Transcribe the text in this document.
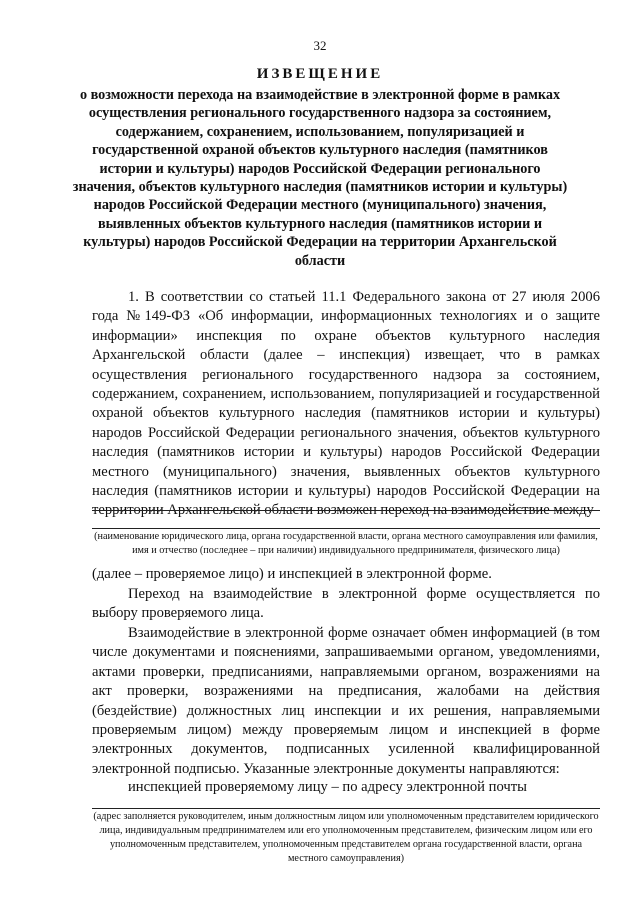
32
ИЗВЕЩЕНИЕ

о возможности перехода на взаимодействие в электронной форме в рамках осуществления регионального государственного надзора за состоянием, содержанием, сохранением, использованием, популяризацией и государственной охраной объектов культурного наследия (памятников истории и культуры) народов Российской Федерации регионального значения, объектов культурного наследия (памятников истории и культуры) народов Российской Федерации местного (муниципального) значения, выявленных объектов культурного наследия (памятников истории и культуры) народов Российской Федерации на территории Архангельской области

1. В соответствии со статьей 11.1 Федерального закона от 27 июля 2006 года №149-ФЗ «Об информации, информационных технологиях и о защите информации» инспекция по охране объектов культурного наследия Архангельской области (далее – инспекция) извещает, что в рамках осуществления регионального государственного надзора за состоянием, содержанием, сохранением, использованием, популяризацией и государственной охраной объектов культурного наследия (памятников истории и культуры) народов Российской Федерации регионального значения, объектов культурного наследия (памятников истории и культуры) народов Российской Федерации местного (муниципального) значения, выявленных объектов культурного наследия (памятников истории и культуры) народов Российской Федерации на территории Архангельской области возможен переход на взаимодействие между

(наименование юридического лица, органа государственной власти, органа местного самоуправления или фамилия, имя и отчество (последнее – при наличии) индивидуального предпринимателя, физического лица)

(далее – проверяемое лицо) и инспекцией в электронной форме.

Переход на взаимодействие в электронной форме осуществляется по выбору проверяемого лица.

Взаимодействие в электронной форме означает обмен информацией (в том числе документами и пояснениями, запрашиваемыми органом, уведомлениями, актами проверки, предписаниями, направляемыми органом, возражениями на акт проверки, возражениями на предписания, жалобами на действия (бездействие) должностных лиц инспекции и их решения, направляемыми проверяемым лицом) между проверяемым лицом и инспекцией в форме электронных документов, подписанных усиленной квалифицированной электронной подписью. Указанные электронные документы направляются:

инспекцией проверяемому лицу – по адресу электронной почты

(адрес заполняется руководителем, иным должностным лицом или уполномоченным представителем юридического лица, индивидуальным предпринимателем или его уполномоченным представителем, физическим лицом или его уполномоченным представителем, уполномоченным представителем органа государственной власти, органа местного самоуправления)
